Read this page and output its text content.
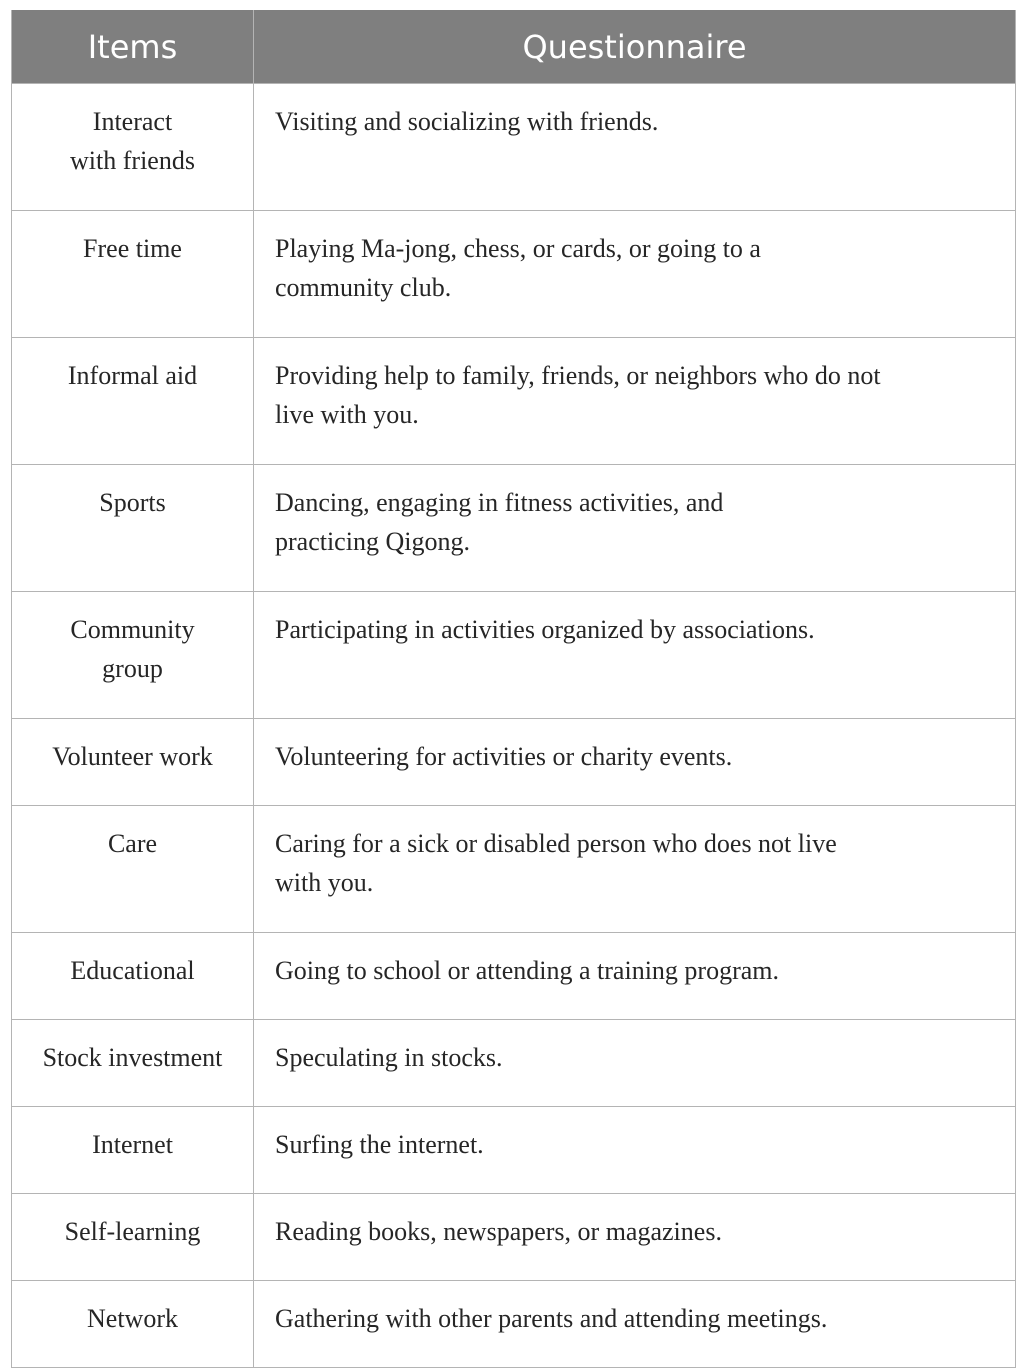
Items	Questionnaire

Interact
with friends	Visiting and socializing with friends.

Free time	Playing Ma-jong, chess, or cards, or going to a
community club.

Informal aid	Providing help to family, friends, or neighbors who do not
live with you.

Sports	Dancing, engaging in fitness activities, and
practicing Qigong.

Community
group	Participating in activities organized by associations.

Volunteer work	Volunteering for activities or charity events.

Care	Caring for a sick or disabled person who does not live
with you.

Educational	Going to school or attending a training program.

Stock investment	Speculating in stocks.

Internet	Surfing the internet.

Self-learning	Reading books, newspapers, or magazines.

Network	Gathering with other parents and attending meetings.
